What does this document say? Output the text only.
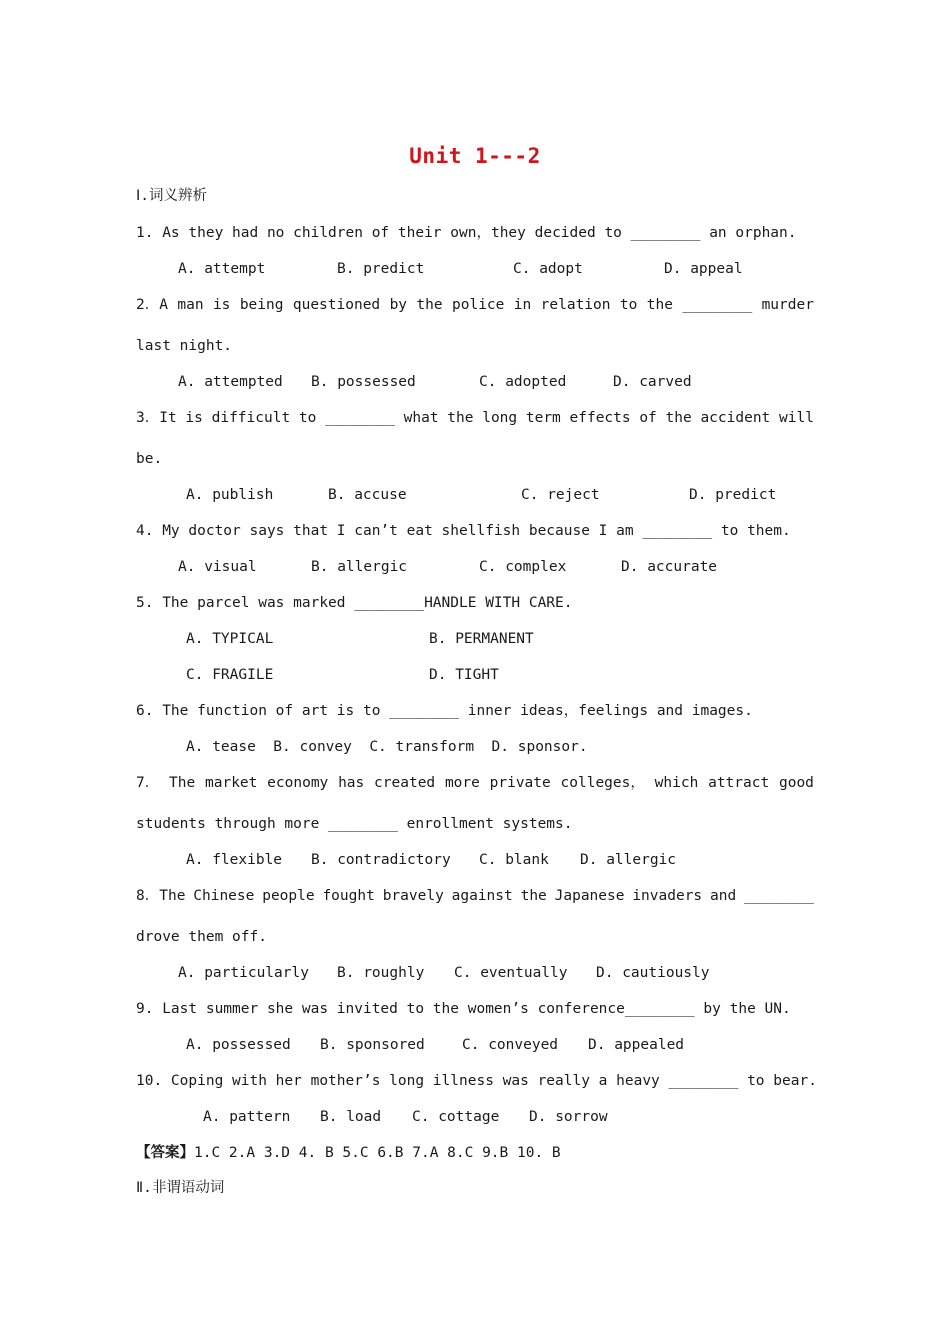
Unit 1---2
Ⅰ.词义辨析
1. As they had no children of their own，they decided to ________ an orphan.
A. attempt	B. predict	C. adopt	D. appeal
2．A man is being questioned by the police in relation to the ________ murder
last night.
A. attempted B. possessed	C. adopted	D. carved
3．It is difficult to ________ what the long term effects of the accident will
be.
A. publish	B. accuse	C. reject	D. predict
4. My doctor says that I can’t eat shellfish because I am ________ to them.
A. visual	B. allergic	C. complex	D. accurate
5. The parcel was marked ________HANDLE WITH CARE.
A. TYPICAL	B. PERMANENT
C. FRAGILE	D. TIGHT
6. The function of art is to ________ inner ideas，feelings and images.
A. tease  B. convey  C. transform  D. sponsor.
7． The market economy has created more private colleges， which attract good
students through more ________ enrollment systems.
A. flexible B. contradictory C. blank D. allergic
8．The Chinese people fought bravely against the Japanese invaders and ________
drove them off.
A. particularly B. roughly C. eventually D. cautiously
9. Last summer she was invited to the women’s conference________ by the UN.
A. possessed B. sponsored	C. conveyed D. appealed
10. Coping with her mother’s long illness was really a heavy ________ to bear.
A. pattern B. load C. cottage D. sorrow
【答案】1.C 2.A 3.D 4. B 5.C 6.B 7.A 8.C 9.B 10. B
Ⅱ.非谓语动词
